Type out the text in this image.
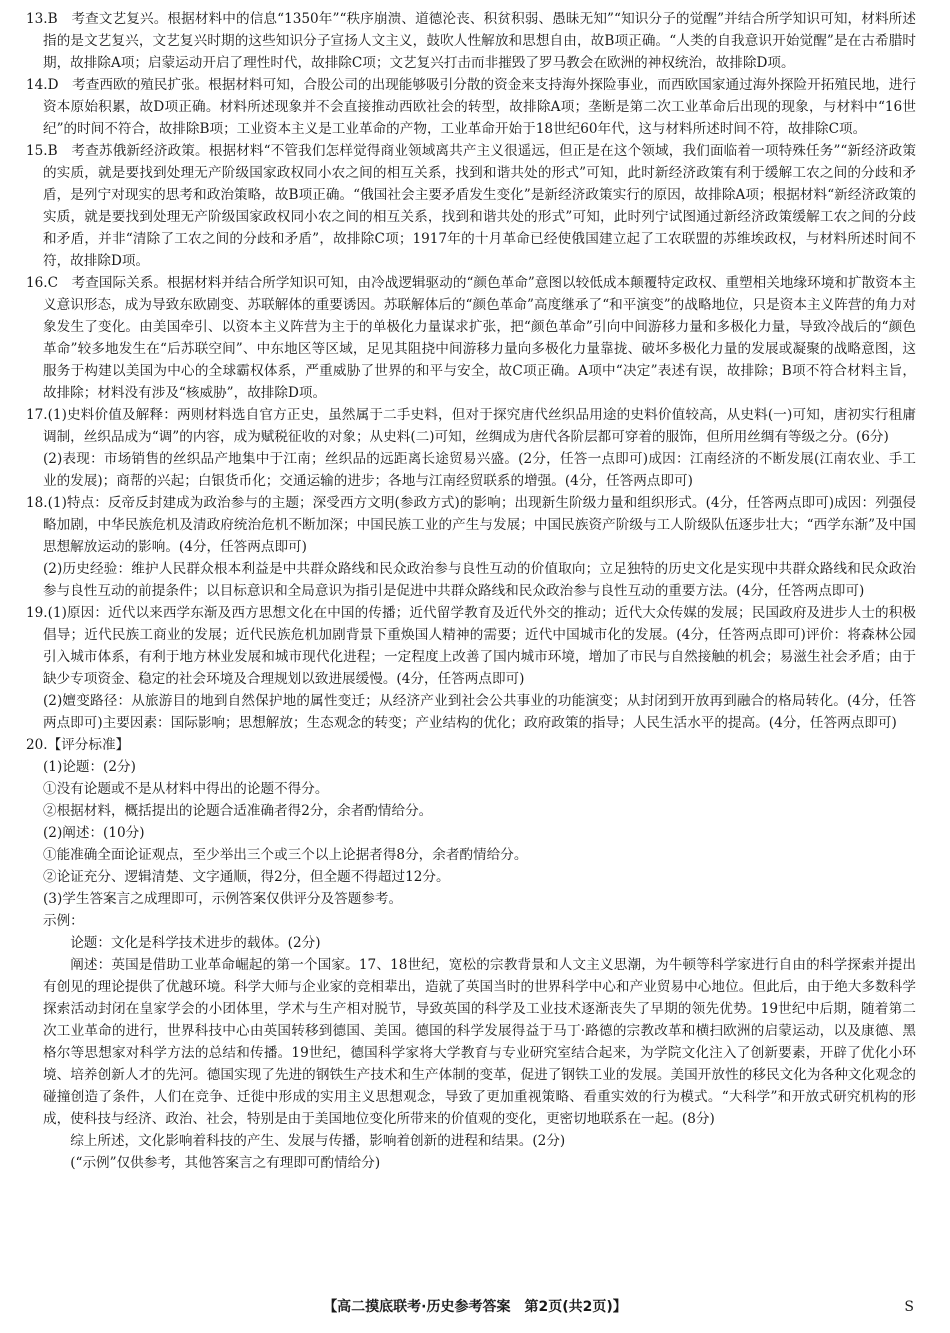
13.B　考查文艺复兴。根据材料中的信息“1350年”“秩序崩溃、道德沦丧、积贫积弱、愚昧无知”“知识分子的觉醒”并结合所学知识可知，材料所述指的是文艺复兴，文艺复兴时期的这些知识分子宣扬人文主义，鼓吹人性解放和思想自由，故B项正确。“人类的自我意识开始觉醒”是在古希腊时期，故排除A项；启蒙运动开启了理性时代，故排除C项；文艺复兴打击而非摧毁了罗马教会在欧洲的神权统治，故排除D项。

14.D　考查西欧的殖民扩张。根据材料可知，合股公司的出现能够吸引分散的资金来支持海外探险事业，而西欧国家通过海外探险开拓殖民地，进行资本原始积累，故D项正确。材料所述现象并不会直接推动西欧社会的转型，故排除A项；垄断是第二次工业革命后出现的现象，与材料中“16世纪”的时间不符合，故排除B项；工业资本主义是工业革命的产物，工业革命开始于18世纪60年代，这与材料所述时间不符，故排除C项。

15.B　考查苏俄新经济政策。根据材料“不管我们怎样觉得商业领域离共产主义很遥远，但正是在这个领域，我们面临着一项特殊任务”“新经济政策的实质，就是要找到处理无产阶级国家政权同小农之间的相互关系，找到和谐共处的形式”可知，此时新经济政策有利于缓解工农之间的分歧和矛盾，是列宁对现实的思考和政治策略，故B项正确。“俄国社会主要矛盾发生变化”是新经济政策实行的原因，故排除A项；根据材料“新经济政策的实质，就是要找到处理无产阶级国家政权同小农之间的相互关系，找到和谐共处的形式”可知，此时列宁试图通过新经济政策缓解工农之间的分歧和矛盾，并非“清除了工农之间的分歧和矛盾”，故排除C项；1917年的十月革命已经使俄国建立起了工农联盟的苏维埃政权，与材料所述时间不符，故排除D项。

16.C　考查国际关系。根据材料并结合所学知识可知，由冷战逻辑驱动的“颜色革命”意图以较低成本颠覆特定政权、重塑相关地缘环境和扩散资本主义意识形态，成为导致东欧剧变、苏联解体的重要诱因。苏联解体后的“颜色革命”高度继承了“和平演变”的战略地位，只是资本主义阵营的角力对象发生了变化。由美国牵引、以资本主义阵营为主于的单极化力量谋求扩张，把“颜色革命”引向中间游移力量和多极化力量，导致冷战后的“颜色革命”较多地发生在“后苏联空间”、中东地区等区域，足见其阻挠中间游移力量向多极化力量靠拢、破坏多极化力量的发展或凝聚的战略意图，这服务于构建以美国为中心的全球霸权体系，严重威胁了世界的和平与安全，故C项正确。A项中“决定”表述有误，故排除；B项不符合材料主旨，故排除；材料没有涉及“核威胁”，故排除D项。

17.(1)史料价值及解释：两则材料选自官方正史，虽然属于二手史料，但对于探究唐代丝织品用途的史料价值较高，从史料(一)可知，唐初实行租庸调制，丝织品成为“调”的内容，成为赋税征收的对象；从史料(二)可知，丝绸成为唐代各阶层都可穿着的服饰，但所用丝绸有等级之分。(6分)

(2)表现：市场销售的丝织品产地集中于江南；丝织品的远距离长途贸易兴盛。(2分，任答一点即可)成因：江南经济的不断发展(江南农业、手工业的发展)；商帮的兴起；白银货币化；交通运输的进步；各地与江南经贸联系的增强。(4分，任答两点即可)

18.(1)特点：反帝反封建成为政治参与的主题；深受西方文明(参政方式)的影响；出现新生阶级力量和组织形式。(4分，任答两点即可)成因：列强侵略加剧，中华民族危机及清政府统治危机不断加深；中国民族工业的产生与发展；中国民族资产阶级与工人阶级队伍逐步壮大；“西学东渐”及中国思想解放运动的影响。(4分，任答两点即可)

(2)历史经验：维护人民群众根本利益是中共群众路线和民众政治参与良性互动的价值取向；立足独特的历史文化是实现中共群众路线和民众政治参与良性互动的前提条件；以目标意识和全局意识为指引是促进中共群众路线和民众政治参与良性互动的重要方法。(4分，任答两点即可)

19.(1)原因：近代以来西学东渐及西方思想文化在中国的传播；近代留学教育及近代外交的推动；近代大众传媒的发展；民国政府及进步人士的积极倡导；近代民族工商业的发展；近代民族危机加剧背景下重焕国人精神的需要；近代中国城市化的发展。(4分，任答两点即可)评价：将森林公园引入城市体系，有利于地方林业发展和城市现代化进程；一定程度上改善了国内城市环境，增加了市民与自然接触的机会；易滋生社会矛盾；由于缺少专项资金、稳定的社会环境及合理规划以致进展缓慢。(4分，任答两点即可)

(2)嬗变路径：从旅游目的地到自然保护地的属性变迁；从经济产业到社会公共事业的功能演变；从封闭到开放再到融合的格局转化。(4分，任答两点即可)主要因素：国际影响；思想解放；生态观念的转变；产业结构的优化；政府政策的指导；人民生活水平的提高。(4分，任答两点即可)

20.【评分标准】

(1)论题：(2分)

①没有论题或不是从材料中得出的论题不得分。

②根据材料，概括提出的论题合适准确者得2分，余者酌情给分。

(2)阐述：(10分)

①能准确全面论证观点，至少举出三个或三个以上论据者得8分，余者酌情给分。

②论证充分、逻辑清楚、文字通顺，得2分，但全题不得超过12分。

(3)学生答案言之成理即可，示例答案仅供评分及答题参考。

示例：

论题：文化是科学技术进步的载体。(2分)

阐述：英国是借助工业革命崛起的第一个国家。17、18世纪，宽松的宗教背景和人文主义思潮，为牛顿等科学家进行自由的科学探索并提出有创见的理论提供了优越环境。科学大师与企业家的竞相辈出，造就了英国当时的世界科学中心和产业贸易中心地位。但此后，由于绝大多数科学探索活动封闭在皇家学会的小团体里，学术与生产相对脱节，导致英国的科学及工业技术逐渐丧失了早期的领先优势。19世纪中后期，随着第二次工业革命的进行，世界科技中心由英国转移到德国、美国。德国的科学发展得益于马丁·路德的宗教改革和横扫欧洲的启蒙运动，以及康德、黑格尔等思想家对科学方法的总结和传播。19世纪，德国科学家将大学教育与专业研究室结合起来，为学院文化注入了创新要素，开辟了优化小环境、培养创新人才的先河。德国实现了先进的钢铁生产技术和生产体制的变革，促进了钢铁工业的发展。美国开放性的移民文化为各种文化观念的碰撞创造了条件，人们在竞争、迁徙中形成的实用主义思想观念，导致了更加重视策略、看重实效的行为模式。“大科学”和开放式研究机构的形成，使科技与经济、政治、社会，特别是由于美国地位变化所带来的价值观的变化，更密切地联系在一起。(8分)

综上所述，文化影响着科技的产生、发展与传播，影响着创新的进程和结果。(2分)

(“示例”仅供参考，其他答案言之有理即可酌情给分)

【高二摸底联考·历史参考答案　第2页(共2页)】	S
